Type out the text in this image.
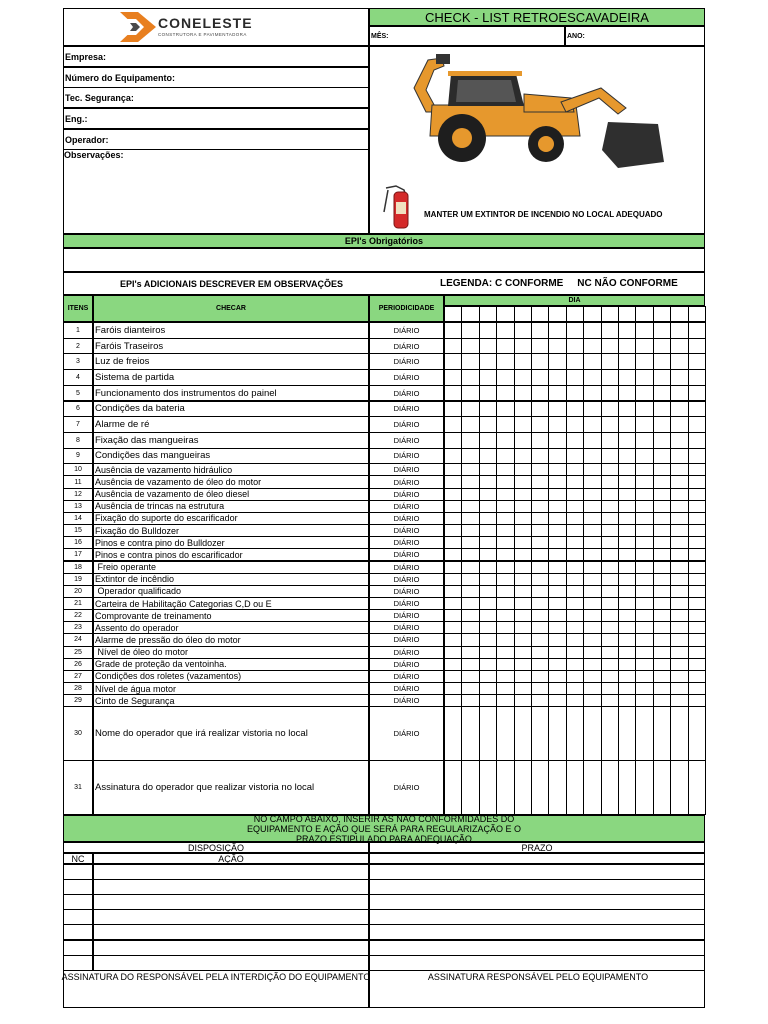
CONELESTE
CONSTRUTORA E PAVIMENTADORA
CHECK - LIST RETROESCAVADEIRA
MÊS:	ANO:
Empresa:
Número do Equipamento:
Tec. Segurança:
Eng.:
Operador:
Observações:
MANTER UM EXTINTOR DE INCENDIO NO LOCAL ADEQUADO
EPI's Obrigatórios
EPI's ADICIONAIS DESCREVER EM OBSERVAÇÕES	LEGENDA: C CONFORME     NC NÃO CONFORME
ITENS	CHECAR	PERIODICIDADE
DIA
1	Faróis dianteiros	DIÁRIO
2	Faróis Traseiros	DIÁRIO
3	Luz de freios	DIÁRIO
4	Sistema de partida	DIÁRIO
5	Funcionamento dos instrumentos do painel	DIÁRIO
6	Condições da bateria	DIÁRIO
7	Alarme de ré	DIÁRIO
8	Fixação das mangueiras	DIÁRIO
9	Condições das mangueiras	DIÁRIO
10	Ausência de vazamento hidráulico	DIÁRIO
11	Ausência de vazamento de óleo do motor	DIÁRIO
12	Ausência de vazamento de óleo diesel	DIÁRIO
13	Ausência de trincas na estrutura	DIÁRIO
14	Fixação do suporte do escarificador	DIÁRIO
15	Fixação do Bulldozer	DIÁRIO
16	Pinos e contra pino do Bulldozer	DIÁRIO
17	Pinos e contra pinos do escarificador	DIÁRIO
18	Freio operante	DIÁRIO
19	Extintor de incêndio	DIÁRIO
20	Operador qualificado	DIÁRIO
21	Carteira de Habilitação Categorias C,D ou E	DIÁRIO
22	Comprovante de treinamento	DIÁRIO
23	Assento do operador	DIÁRIO
24	Alarme de pressão do óleo do motor	DIÁRIO
25	Nível de óleo do motor	DIÁRIO
26	Grade de proteção da ventoinha.	DIÁRIO
27	Condições dos roletes (vazamentos)	DIÁRIO
28	Nível de água motor	DIÁRIO
29	Cinto de Segurança	DIÁRIO
30	Nome do operador que irá realizar vistoria no local	DIÁRIO
31	Assinatura do operador que realizar vistoria no local	DIÁRIO
NO CAMPO ABAIXO, INSERIR AS NÃO CONFORMIDADES DO EQUIPAMENTO E AÇÃO QUE SERÁ PARA REGULARIZAÇÃO E O PRAZO ESTIPULADO PARA ADEQUAÇÃO
DISPOSIÇÃO	PRAZO
NC	AÇÃO
ASSINATURA DO RESPONSÁVEL PELA INTERDIÇÃO DO EQUIPAMENTO	ASSINATURA RESPONSÁVEL PELO EQUIPAMENTO
